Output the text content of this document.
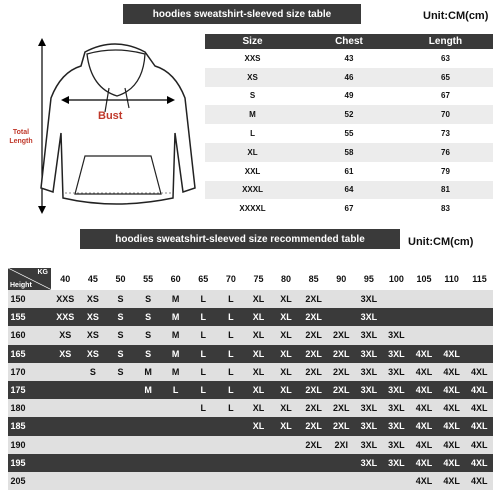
hoodies sweatshirt-sleeved size table	Unit:CM(cm)
Bust
Total
Length
Size	Chest	Length
XXS	43	63
XS	46	65
S	49	67
M	52	70
L	55	73
XL	58	76
XXL	61	79
XXXL	64	81
XXXXL	67	83
hoodies sweatshirt-sleeved size recommended table	Unit:CM(cm)
KG
Height	40	45	50	55	60	65	70	75	80	85	90	95	100	105	110	115
150	XXS	XS	S	S	M	L	L	XL	XL	2XL		3XL				
155	XXS	XS	S	S	M	L	L	XL	XL	2XL		3XL				
160	XS	XS	S	S	M	L	L	XL	XL	2XL	2XL	3XL	3XL			
165	XS	XS	S	S	M	L	L	XL	XL	2XL	2XL	3XL	3XL	4XL	4XL	
170		S	S	M	M	L	L	XL	XL	2XL	2XL	3XL	3XL	4XL	4XL	4XL
175				M	L	L	L	XL	XL	2XL	2XL	3XL	3XL	4XL	4XL	4XL
180						L	L	XL	XL	2XL	2XL	3XL	3XL	4XL	4XL	4XL
185								XL	XL	2XL	2XL	3XL	3XL	4XL	4XL	4XL
190										2XL	2XI	3XL	3XL	4XL	4XL	4XL
195												3XL	3XL	4XL	4XL	4XL
205														4XL	4XL	4XL
